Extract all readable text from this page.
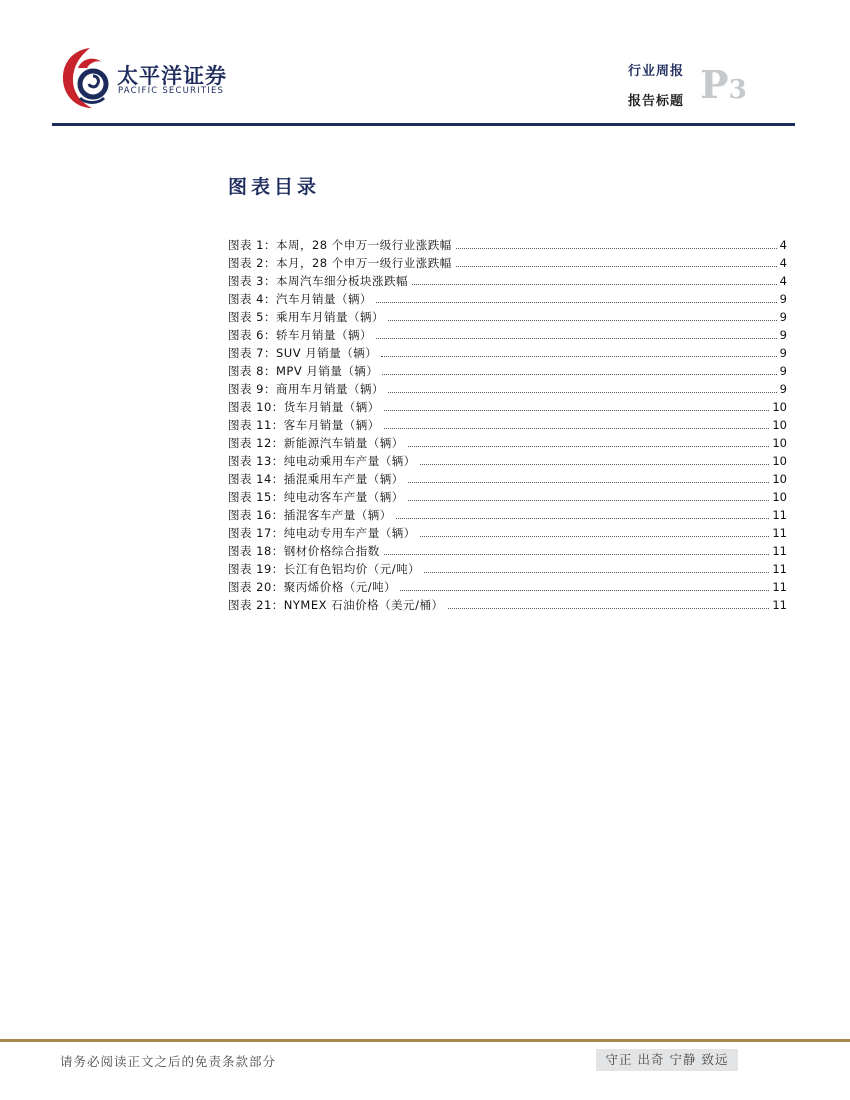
太平洋证券
PACIFIC SECURITIES
行业周报
报告标题 P3
图表目录
图表 1：本周，28 个申万一级行业涨跌幅	4
图表 2：本月，28 个申万一级行业涨跌幅	4
图表 3：本周汽车细分板块涨跌幅	4
图表 4：汽车月销量（辆）	9
图表 5：乘用车月销量（辆）	9
图表 6：轿车月销量（辆）	9
图表 7：SUV 月销量（辆）	9
图表 8：MPV 月销量（辆）	9
图表 9：商用车月销量（辆）	9
图表 10：货车月销量（辆）	10
图表 11：客车月销量（辆）	10
图表 12：新能源汽车销量（辆）	10
图表 13：纯电动乘用车产量（辆）	10
图表 14：插混乘用车产量（辆）	10
图表 15：纯电动客车产量（辆）	10
图表 16：插混客车产量（辆）	11
图表 17：纯电动专用车产量（辆）	11
图表 18：钢材价格综合指数	11
图表 19：长江有色铝均价（元/吨）	11
图表 20：聚丙烯价格（元/吨）	11
图表 21：NYMEX 石油价格（美元/桶）	11
请务必阅读正文之后的免责条款部分	守正 出奇 宁静 致远
